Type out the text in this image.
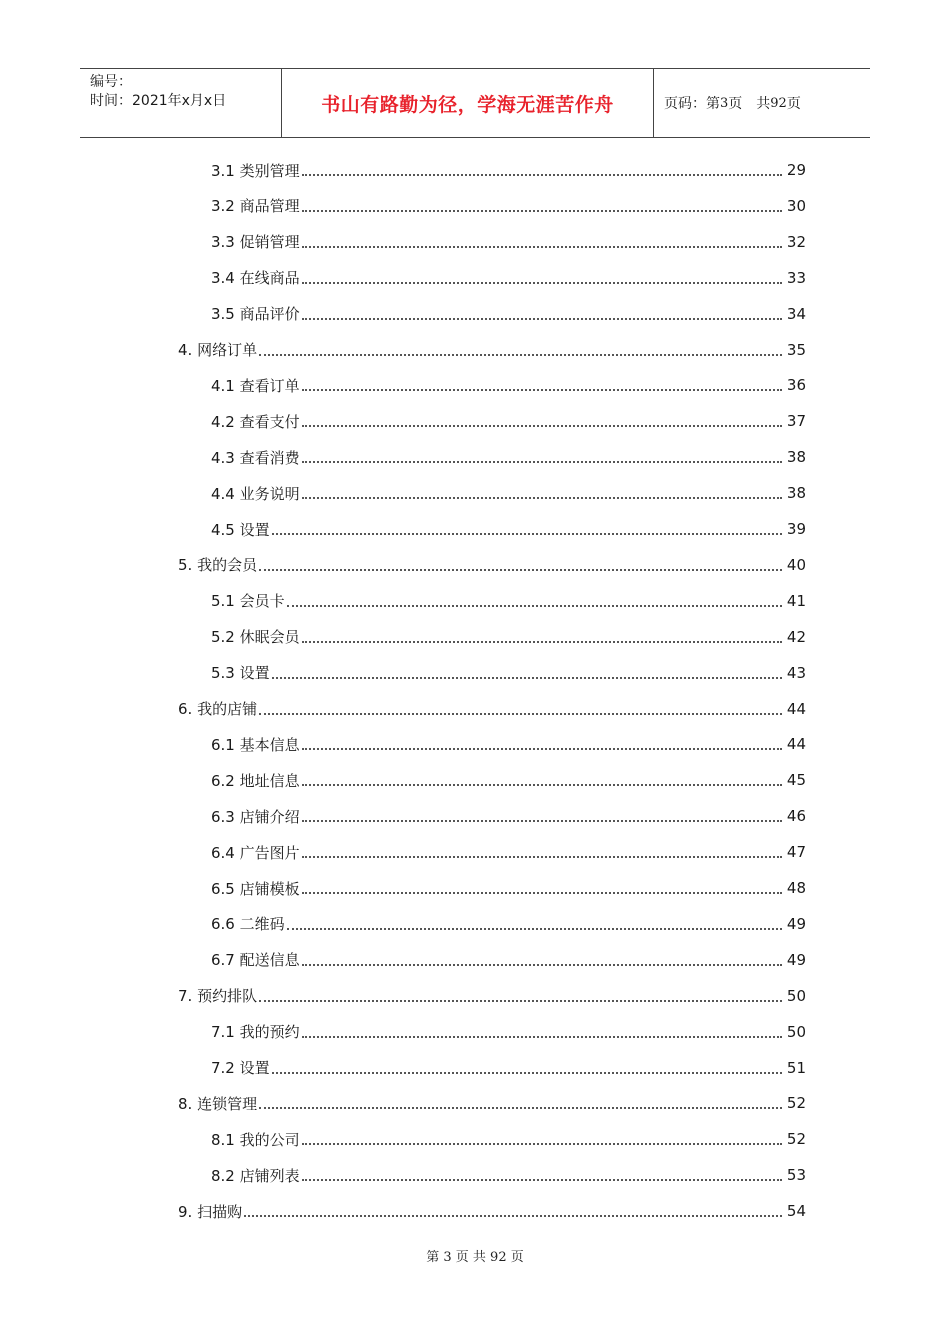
编号：
时间：2021年x月x日	书山有路勤为径，学海无涯苦作舟	页码：第 3 页　共 92 页
3.1 类别管理	29
3.2 商品管理	30
3.3 促销管理	32
3.4 在线商品	33
3.5 商品评价	34
4. 网络订单	35
4.1 查看订单	36
4.2 查看支付	37
4.3 查看消费	38
4.4 业务说明	38
4.5 设置	39
5. 我的会员	40
5.1 会员卡	41
5.2 休眠会员	42
5.3 设置	43
6. 我的店铺	44
6.1 基本信息	44
6.2 地址信息	45
6.3 店铺介绍	46
6.4 广告图片	47
6.5 店铺模板	48
6.6 二维码	49
6.7 配送信息	49
7. 预约排队	50
7.1 我的预约	50
7.2 设置	51
8. 连锁管理	52
8.1 我的公司	52
8.2 店铺列表	53
9. 扫描购	54
第 3 页 共 92 页
